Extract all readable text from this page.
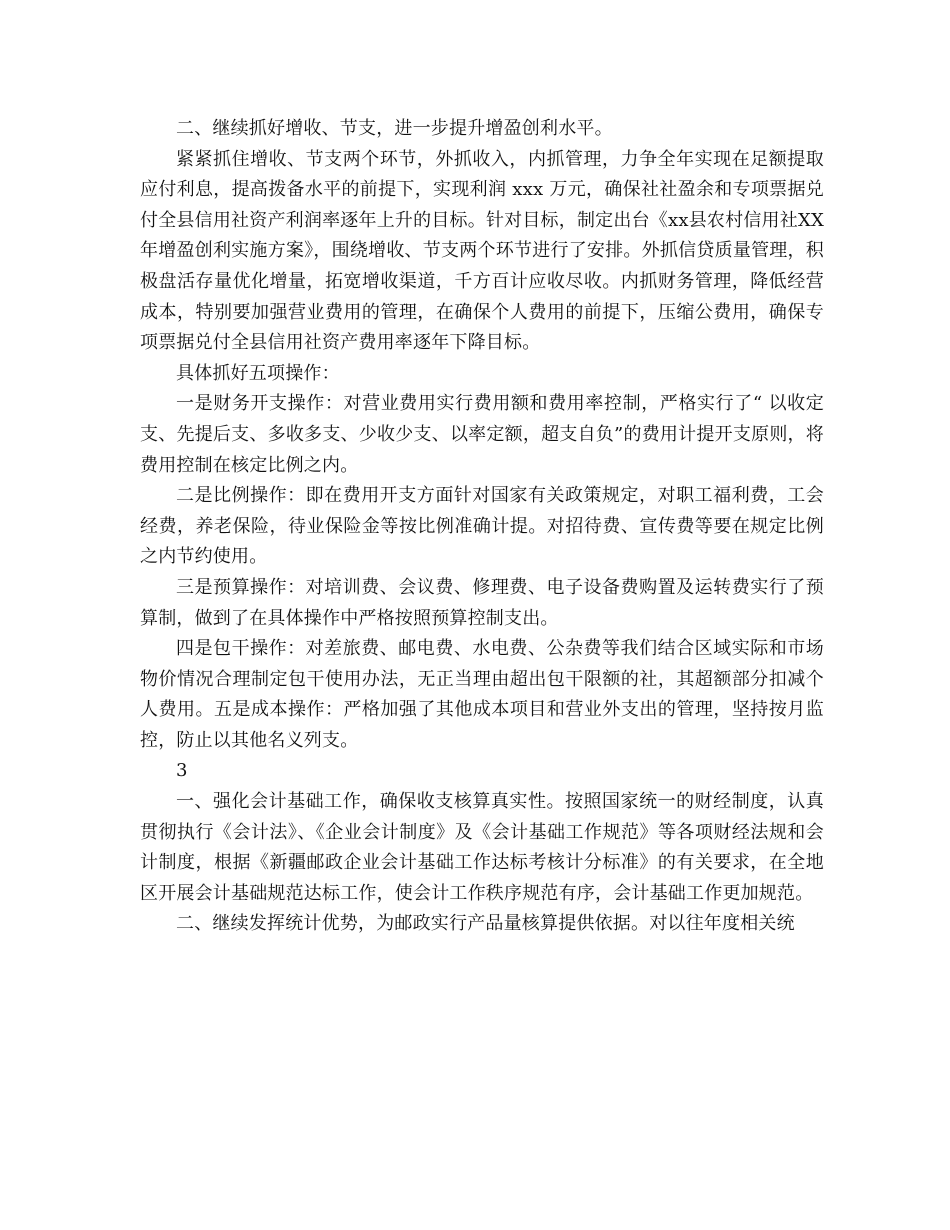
二、继续抓好增收、节支，进一步提升增盈创利水平。

紧紧抓住增收、节支两个环节，外抓收入，内抓管理，力争全年实现在足额提取应付利息，提高拨备水平的前提下，实现利润 xxx 万元，确保社社盈余和专项票据兑付全县信用社资产利润率逐年上升的目标。针对目标，制定出台《xx县农村信用社XX年增盈创利实施方案》，围绕增收、节支两个环节进行了安排。外抓信贷质量管理，积极盘活存量优化增量，拓宽增收渠道，千方百计应收尽收。内抓财务管理，降低经营成本，特别要加强营业费用的管理，在确保个人费用的前提下，压缩公费用，确保专项票据兑付全县信用社资产费用率逐年下降目标。

具体抓好五项操作：

一是财务开支操作：对营业费用实行费用额和费用率控制，严格实行了“ 以收定支、先提后支、多收多支、少收少支、以率定额，超支自负”的费用计提开支原则，将费用控制在核定比例之内。

二是比例操作：即在费用开支方面针对国家有关政策规定，对职工福利费，工会经费，养老保险，待业保险金等按比例准确计提。对招待费、宣传费等要在规定比例之内节约使用。

三是预算操作：对培训费、会议费、修理费、电子设备费购置及运转费实行了预算制，做到了在具体操作中严格按照预算控制支出。

四是包干操作：对差旅费、邮电费、水电费、公杂费等我们结合区域实际和市场物价情况合理制定包干使用办法，无正当理由超出包干限额的社，其超额部分扣减个人费用。五是成本操作：严格加强了其他成本项目和营业外支出的管理，坚持按月监控，防止以其他名义列支。

3

一、强化会计基础工作，确保收支核算真实性。按照国家统一的财经制度，认真贯彻执行《会计法》、《企业会计制度》及《会计基础工作规范》等各项财经法规和会计制度，根据《新疆邮政企业会计基础工作达标考核计分标准》的有关要求，在全地区开展会计基础规范达标工作，使会计工作秩序规范有序，会计基础工作更加规范。

二、继续发挥统计优势，为邮政实行产品量核算提供依据。对以往年度相关统
